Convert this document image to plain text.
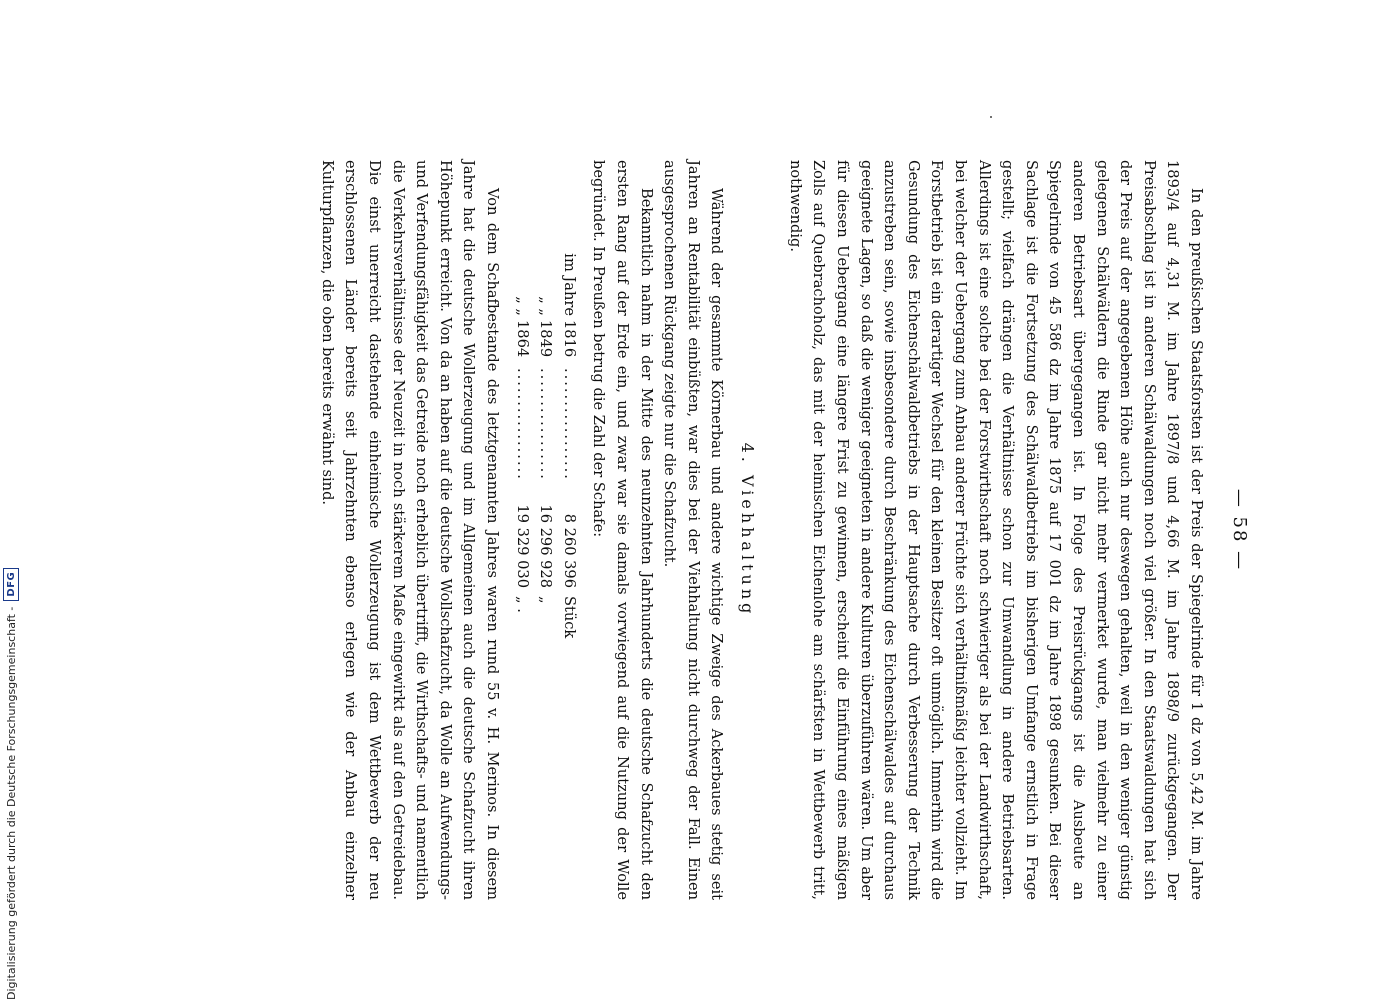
Digitalisierung gefördert durch die Deutsche Forschungsgemeinschaft -
DFG
— 58 —

In den preußischen Staatsforsten ist der Preis der Spiegelrinde für 1 dz von 5,42 M. im Jahre 1893/4 auf 4,31 M. im Jahre 1897/8 und 4,66 M. im Jahre 1898/9 zurückgegangen. Der Preisabschlag ist in anderen Schälwaldungen noch viel größer. In den Staatswaldungen hat sich der Preis auf der angegebenen Höhe auch nur deswegen gehalten, weil in den weniger günstig gelegenen Schälwäldern die Rinde gar nicht mehr vermerket wurde, man vielmehr zu einer anderen Betriebsart übergegangen ist. In Folge des Preisrückgangs ist die Ausbeute an Spiegelrinde von 45 586 dz im Jahre 1875 auf 17 001 dz im Jahre 1898 gesunken. Bei dieser Sachlage ist die Fortsetzung des Schälwaldbetriebs im bisherigen Umfange ernstlich in Frage gestellt; vielfach drängen die Verhältnisse schon zur Umwandlung in andere Betriebsarten. Allerdings ist eine solche bei der Forstwirthschaft noch schwieriger als bei der Landwirthschaft, bei welcher der Uebergang zum Anbau anderer Früchte sich verhältnißmäßig leichter vollzieht. Im Forstbetrieb ist ein derartiger Wechsel für den kleinen Besitzer oft unmöglich. Immerhin wird die Gesundung des Eichenschälwaldbetriebs in der Hauptsache durch Verbesserung der Technik anzustreben sein, sowie insbesondere durch Beschränkung des Eichenschälwaldes auf durchaus geeignete Lagen, so daß die weniger geeigneten in andere Kulturen überzuführen wären. Um aber für diesen Uebergang eine längere Frist zu gewinnen, erscheint die Einführung eines mäßigen Zolls auf Quebrachoholz, das mit der heimischen Eichenlohe am schärfsten in Wettbewerb tritt, nothwendig.

4. Viehhaltung

Während der gesammte Körnerbau und andere wichtige Zweige des Ackerbaues stetig seit Jahren an Rentabilität einbüßten, war dies bei der Viehhaltung nicht durchweg der Fall. Einen ausgesprochenen Rückgang zeigte nur die Schafzucht.

Bekanntlich nahm in der Mitte des neunzehnten Jahrhunderts die deutsche Schafzucht den ersten Rang auf der Erde ein, und zwar war sie damals vorwiegend auf die Nutzung der Wolle begründet. In Preußen betrug die Zahl der Schafe:

im Jahre
1816
.................
8 260 396
Stück
„ „
1849
.................
16 296 928
„
„ „
1864
.................
19 329 030
„ .

Von dem Schafbestande des letztgenannten Jahres waren rund 55 v. H. Merinos. In diesem Jahre hat die deutsche Wollerzeugung und im Allgemeinen auch die deutsche Schafzucht ihren Höhepunkt erreicht. Von da an haben auf die deutsche Wollschafzucht, da Wolle an Aufwendungs- und Verfendungsfähigkeit das Getreide noch erheblich übertrifft, die Wirthschafts- und namentlich die Verkehrsverhältnisse der Neuzeit in noch stärkerem Maße eingewirkt als auf den Getreidebau. Die einst unerreicht dastehende einheimische Wollerzeugung ist dem Wettbewerb der neu erschlossenen Länder bereits seit Jahrzehnten ebenso erlegen wie der Anbau einzelner Kulturpflanzen, die oben bereits erwähnt sind.
